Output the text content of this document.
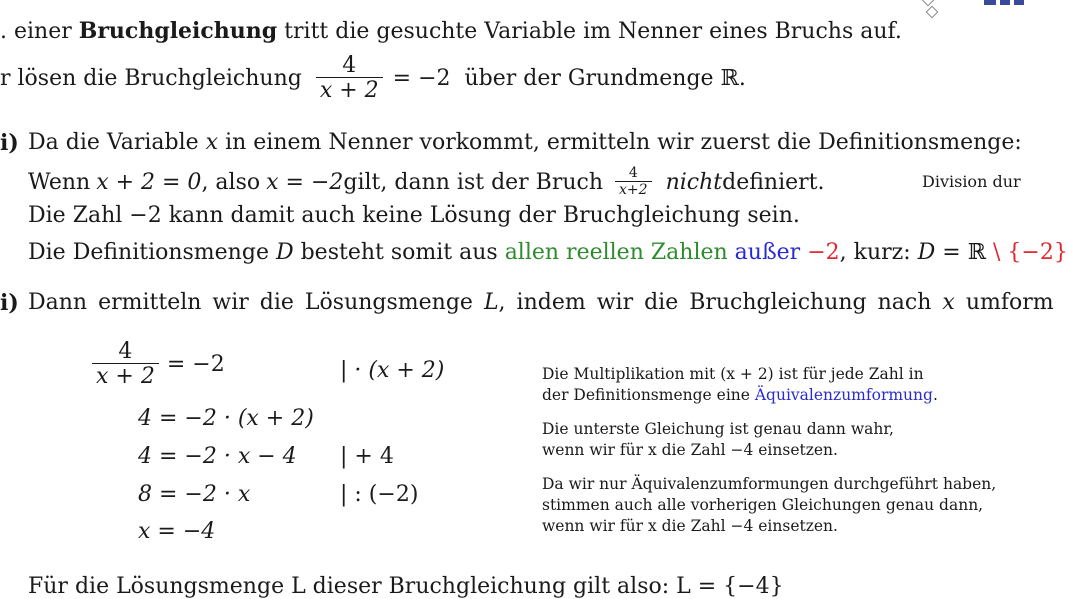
. einer Bruchgleichung tritt die gesuchte Variable im Nenner eines Bruchs auf.
r lösen die Bruchgleichung $\frac{4}{x + 2} = -2$ über der Grundmenge ℝ.
i) Da die Variable x in einem Nenner vorkommt, ermitteln wir zuerst die Definitionsmenge:
Wenn x + 2 = 0 , also x = −2 gilt, dann ist der Bruch $\frac{4}{x+2}$ nicht definiert.	Division dur
Die Zahl −2 kann damit auch keine Lösung der Bruchgleichung sein.
Die Definitionsmenge D besteht somit aus allen reellen Zahlen außer −2, kurz: D = ℝ \ {−2}
i) Dann ermitteln wir die Lösungsmenge L, indem wir die Bruchgleichung nach x umform
$\frac{4}{x + 2} = -2$	| · (x + 2)
4 = −2 · (x + 2)
4 = −2 · x − 4 | + 4
8 = −2 · x	| : (−2)
x = −4
Die Multiplikation mit (x + 2) ist für jede Zahl in
der Definitionsmenge eine Äquivalenzumformung.
Die unterste Gleichung ist genau dann wahr,
wenn wir für x die Zahl −4 einsetzen.
Da wir nur Äquivalenzumformungen durchgeführt haben,
stimmen auch alle vorherigen Gleichungen genau dann,
wenn wir für x die Zahl −4 einsetzen.
Für die Lösungsmenge L dieser Bruchgleichung gilt also: L = {−4}
